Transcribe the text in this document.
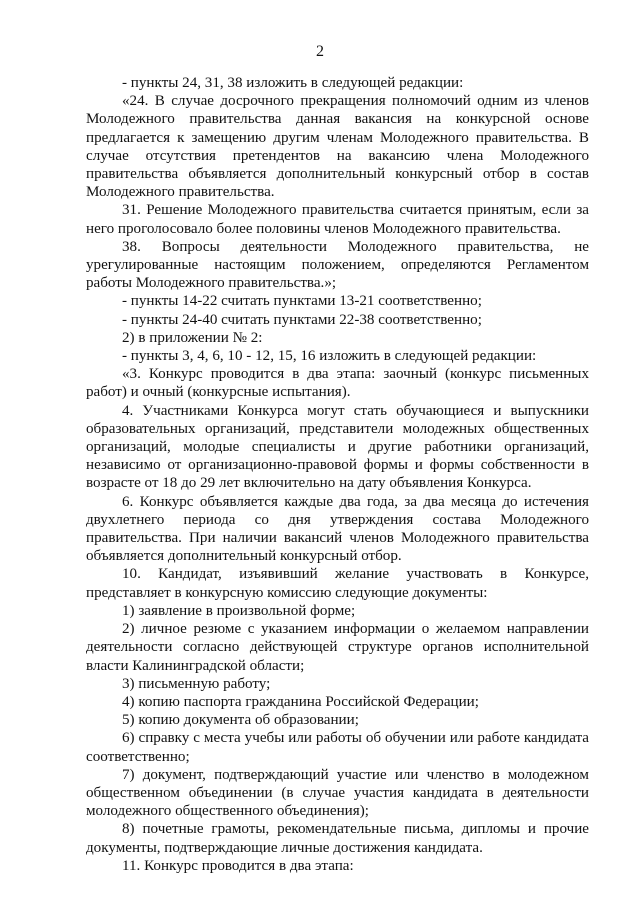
2

- пункты 24, 31, 38 изложить в следующей редакции:

«24. В случае досрочного прекращения полномочий одним из членов Молодежного правительства данная вакансия на конкурсной основе предлагается к замещению другим членам Молодежного правительства. В случае отсутствия претендентов на вакансию члена Молодежного правительства объявляется дополнительный конкурсный отбор в состав Молодежного правительства.

31. Решение Молодежного правительства считается принятым, если за него проголосовало более половины членов Молодежного правительства.

38. Вопросы деятельности Молодежного правительства, не урегулированные настоящим положением, определяются Регламентом работы Молодежного правительства.»;

- пункты 14-22 считать пунктами 13-21 соответственно;

- пункты 24-40 считать пунктами 22-38 соответственно;

2) в приложении № 2:

- пункты 3, 4, 6, 10 - 12, 15, 16 изложить в следующей редакции:

«3. Конкурс проводится в два этапа: заочный (конкурс письменных работ) и очный (конкурсные испытания).

4. Участниками Конкурса могут стать обучающиеся и выпускники образовательных организаций, представители молодежных общественных организаций, молодые специалисты и другие работники организаций, независимо от организационно-правовой формы и формы собственности в возрасте от 18 до 29 лет включительно на дату объявления Конкурса.

6. Конкурс объявляется каждые два года, за два месяца до истечения двухлетнего периода со дня утверждения состава Молодежного правительства. При наличии вакансий членов Молодежного правительства объявляется дополнительный конкурсный отбор.

10. Кандидат, изъявивший желание участвовать в Конкурсе, представляет в конкурсную комиссию следующие документы:

1) заявление в произвольной форме;

2) личное резюме с указанием информации о желаемом направлении деятельности согласно действующей структуре органов исполнительной власти Калининградской области;

3) письменную работу;

4) копию паспорта гражданина Российской Федерации;

5) копию документа об образовании;

6) справку с места учебы или работы об обучении или работе кандидата соответственно;

7) документ, подтверждающий участие или членство в молодежном общественном объединении (в случае участия кандидата в деятельности молодежного общественного объединения);

8) почетные грамоты, рекомендательные письма, дипломы и прочие документы, подтверждающие личные достижения кандидата.

11. Конкурс проводится в два этапа:
